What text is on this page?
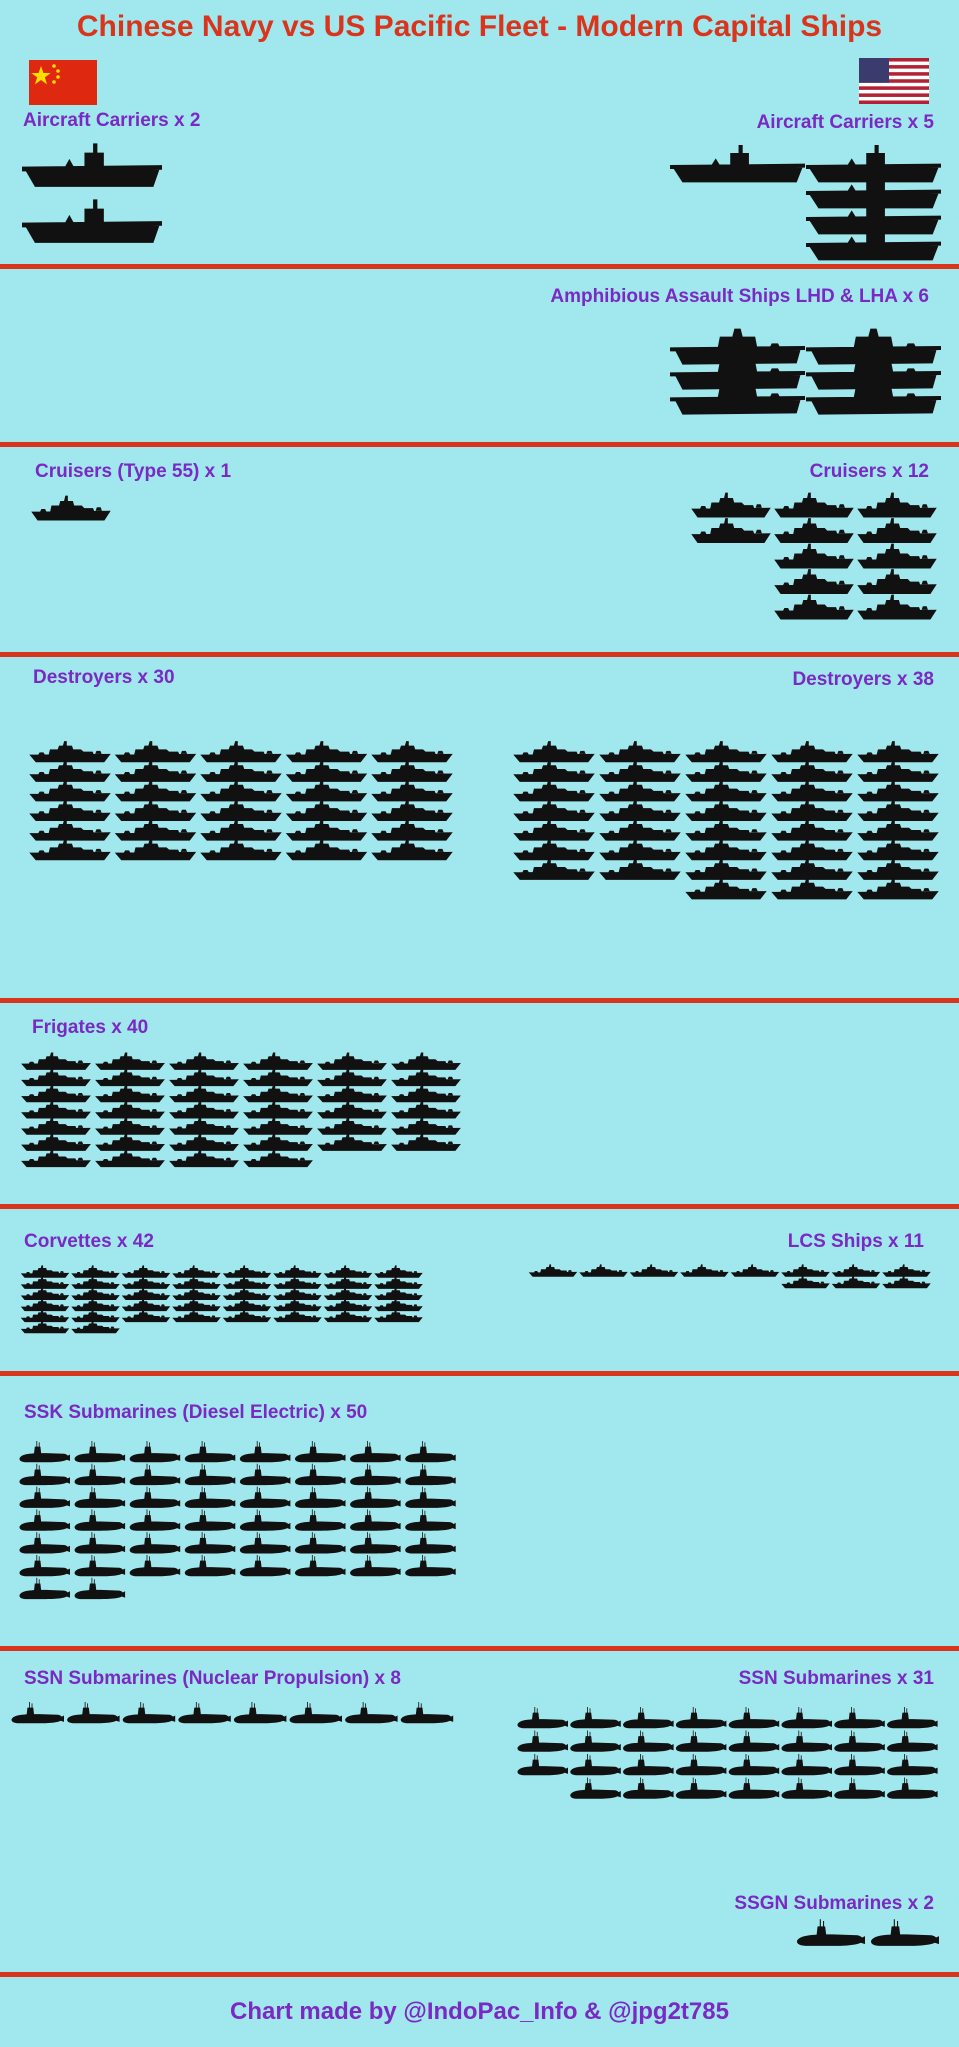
Chinese Navy vs US Pacific Fleet - Modern Capital Ships
Aircraft Carriers x 2	Aircraft Carriers x 5
Amphibious Assault Ships LHD & LHA x 6
Cruisers (Type 55) x 1	Cruisers x 12
Destroyers x 30	Destroyers x 38
Frigates x 40
Corvettes x 42	LCS Ships x 11
SSK Submarines (Diesel Electric) x 50
SSN Submarines (Nuclear Propulsion) x 8	SSN Submarines x 31
SSGN Submarines x 2
Chart made by @IndoPac_Info & @jpg2t785
